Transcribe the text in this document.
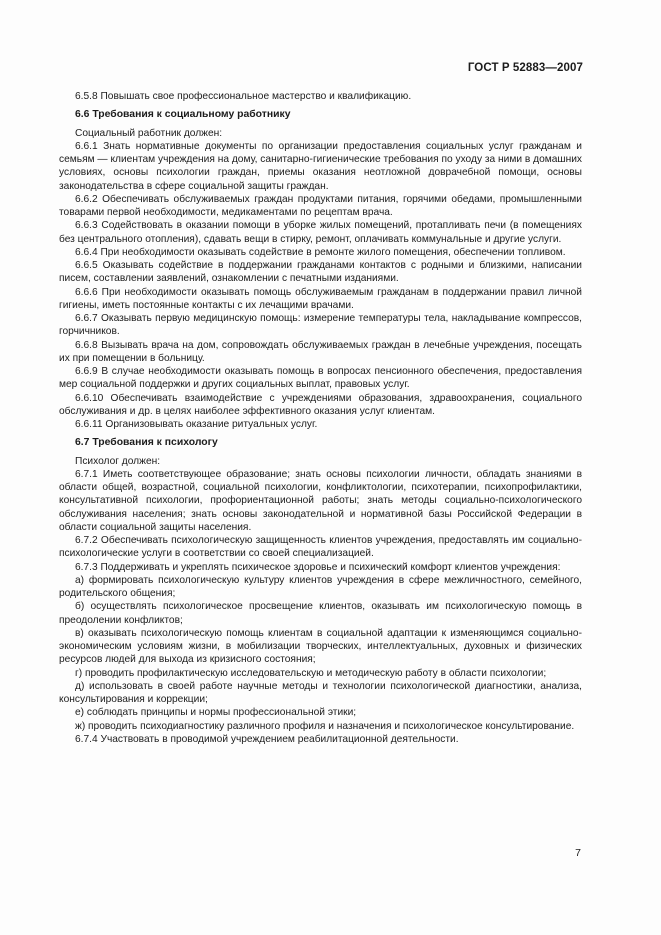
ГОСТ Р 52883—2007

6.5.8 Повышать свое профессиональное мастерство и квалификацию.

6.6 Требования к социальному работнику

Социальный работник должен:

6.6.1 Знать нормативные документы по организации предоставления социальных услуг гражданам и семьям — клиентам учреждения на дому, санитарно-гигиенические требования по уходу за ними в домашних условиях, основы психологии граждан, приемы оказания неотложной доврачебной помощи, основы законодательства в сфере социальной защиты граждан.

6.6.2 Обеспечивать обслуживаемых граждан продуктами питания, горячими обедами, промышленными товарами первой необходимости, медикаментами по рецептам врача.

6.6.3 Содействовать в оказании помощи в уборке жилых помещений, протапливать печи (в помещениях без центрального отопления), сдавать вещи в стирку, ремонт, оплачивать коммунальные и другие услуги.

6.6.4 При необходимости оказывать содействие в ремонте жилого помещения, обеспечении топливом.

6.6.5 Оказывать содействие в поддержании гражданами контактов с родными и близкими, написании писем, составлении заявлений, ознакомлении с печатными изданиями.

6.6.6 При необходимости оказывать помощь обслуживаемым гражданам в поддержании правил личной гигиены, иметь постоянные контакты с их лечащими врачами.

6.6.7 Оказывать первую медицинскую помощь: измерение температуры тела, накладывание компрессов, горчичников.

6.6.8 Вызывать врача на дом, сопровождать обслуживаемых граждан в лечебные учреждения, посещать их при помещении в больницу.

6.6.9 В случае необходимости оказывать помощь в вопросах пенсионного обеспечения, предоставления мер социальной поддержки и других социальных выплат, правовых услуг.

6.6.10 Обеспечивать взаимодействие с учреждениями образования, здравоохранения, социального обслуживания и др. в целях наиболее эффективного оказания услуг клиентам.

6.6.11 Организовывать оказание ритуальных услуг.

6.7 Требования к психологу

Психолог должен:

6.7.1 Иметь соответствующее образование; знать основы психологии личности, обладать знаниями в области общей, возрастной, социальной психологии, конфликтологии, психотерапии, психопрофилактики, консультативной психологии, профориентационной работы; знать методы социально-психологического обслуживания населения; знать основы законодательной и нормативной базы Российской Федерации в области социальной защиты населения.

6.7.2 Обеспечивать психологическую защищенность клиентов учреждения, предоставлять им социально-психологические услуги в соответствии со своей специализацией.

6.7.3 Поддерживать и укреплять психическое здоровье и психический комфорт клиентов учреждения:

а) формировать психологическую культуру клиентов учреждения в сфере межличностного, семейного, родительского общения;

б) осуществлять психологическое просвещение клиентов, оказывать им психологическую помощь в преодолении конфликтов;

в) оказывать психологическую помощь клиентам в социальной адаптации к изменяющимся социально-экономическим условиям жизни, в мобилизации творческих, интеллектуальных, духовных и физических ресурсов людей для выхода из кризисного состояния;

г) проводить профилактическую исследовательскую и методическую работу в области психологии;

д) использовать в своей работе научные методы и технологии психологической диагностики, анализа, консультирования и коррекции;

е) соблюдать принципы и нормы профессиональной этики;

ж) проводить психодиагностику различного профиля и назначения и психологическое консультирование.

6.7.4 Участвовать в проводимой учреждением реабилитационной деятельности.

7
